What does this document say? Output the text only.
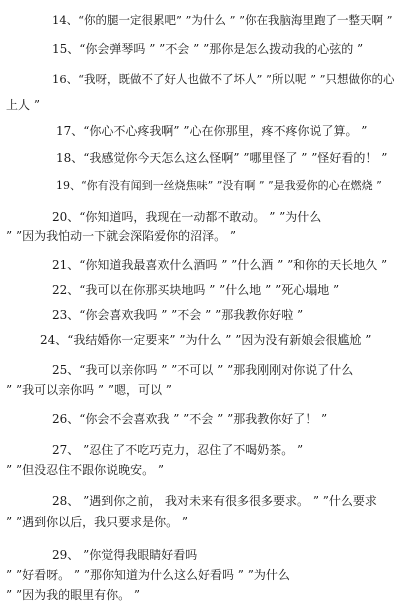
14、“你的腿一定很累吧” ”为什么 ” ”你在我脑海里跑了一整天啊 ”
15、“你会弹琴吗 ” ”不会 ” ”那你是怎么拨动我的心弦的 ”
16、“我呀，既做不了好人也做不了坏人” ”所以呢 ” ”只想做你的心
上人 ”
17、“你心不心疼我啊” ”心在你那里，疼不疼你说了算。 ”
18、“我感觉你今天怎么这么怪啊” ”哪里怪了 ” ”怪好看的！ ”
19、“你有没有闻到一丝烧焦味” ”没有啊 ” ”是我爱你的心在燃烧 ”
20、“你知道吗，我现在一动都不敢动。 ” ”为什么
” ”因为我怕动一下就会深陷爱你的沼泽。 ”
21、“你知道我最喜欢什么酒吗 ” ”什么酒 ” ”和你的天长地久 ”
22、“我可以在你那买块地吗 ” ”什么地 ” ”死心塌地 ”
23、“你会喜欢我吗 ” ”不会 ” ”那我教你好啦 ”
24、“我结婚你一定要来” ”为什么 ” ”因为没有新娘会很尴尬 ”
25、“我可以亲你吗 ” ”不可以 ” ”那我刚刚对你说了什么
” ”我可以亲你吗 ” ”嗯，可以 ”
26、“你会不会喜欢我 ” ”不会 ” ”那我教你好了！ ”
27、 ”忍住了不吃巧克力，忍住了不喝奶茶。 ”
” ”但没忍住不跟你说晚安。 ”
28、 ”遇到你之前， 我对未来有很多很多要求。 ” ”什么要求
” ”遇到你以后，我只要求是你。 ”
29、 ”你觉得我眼睛好看吗
” ”好看呀。 ” ”那你知道为什么这么好看吗 ” ”为什么
” ”因为我的眼里有你。 ”
